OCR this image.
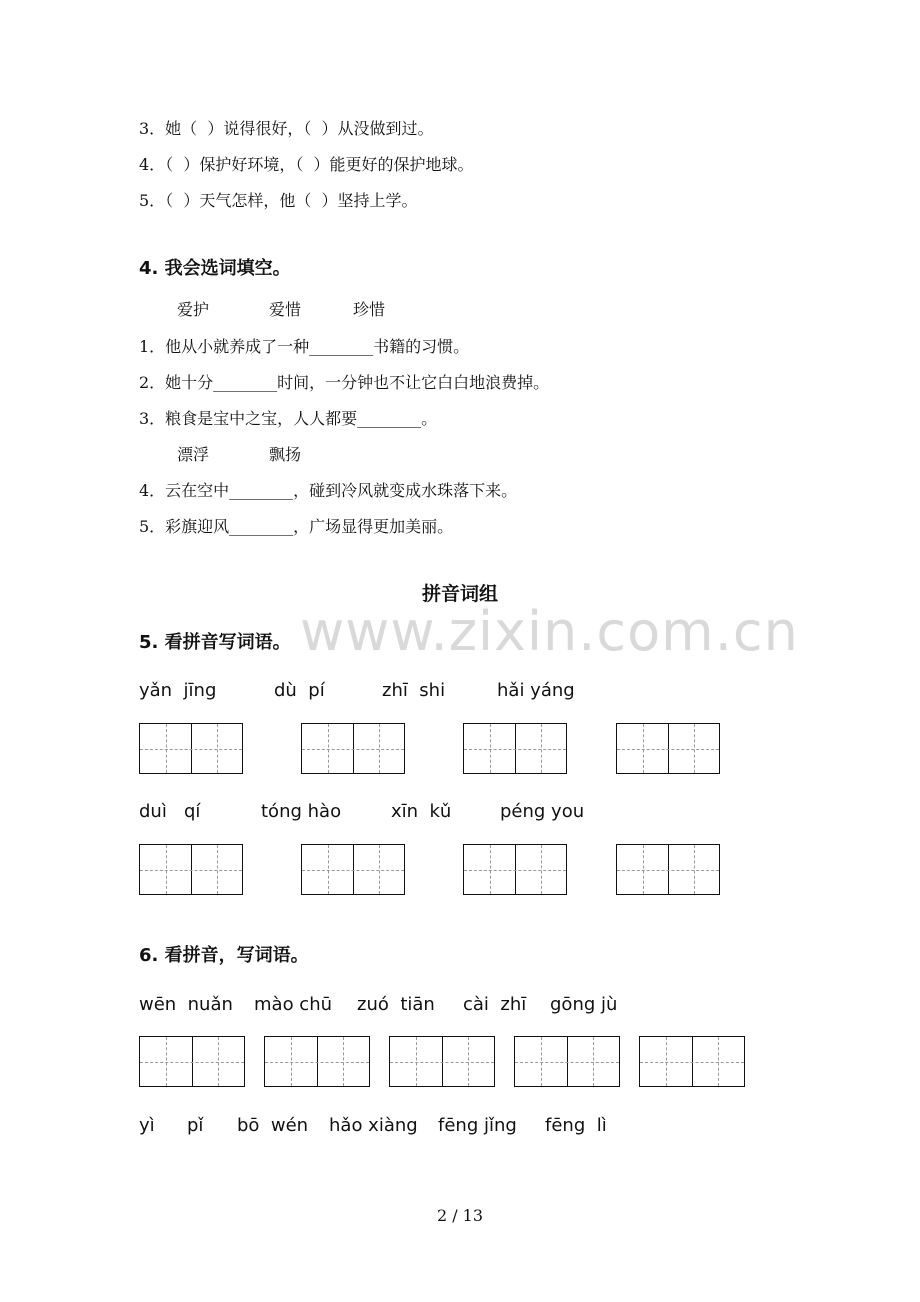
3．她（  ）说得很好，（  ）从没做到过。
4．（  ）保护好环境，（  ）能更好的保护地球。
5．（  ）天气怎样，他（  ）坚持上学。
4. 我会选词填空。
爱护	爱惜	珍惜
1．他从小就养成了一种________书籍的习惯。
2．她十分________时间，一分钟也不让它白白地浪费掉。
3．粮食是宝中之宝，人人都要________。
漂浮	飘扬
4．云在空中________，碰到冷风就变成水珠落下来。
5．彩旗迎风________，广场显得更加美丽。
拼音词组
www.zixin.com.cn
5. 看拼音写词语。
yǎn  jīng	dù  pí	zhī  shi	hǎi yáng
duì   qí	tóng hào	xīn  kǔ	péng you
6. 看拼音，写词语。
wēn  nuǎn mào chū zuó  tiān cài  zhī gōng jù
yì pǐ bō  wén hǎo xiàng fēng jǐng fēng  lì
2 / 13
